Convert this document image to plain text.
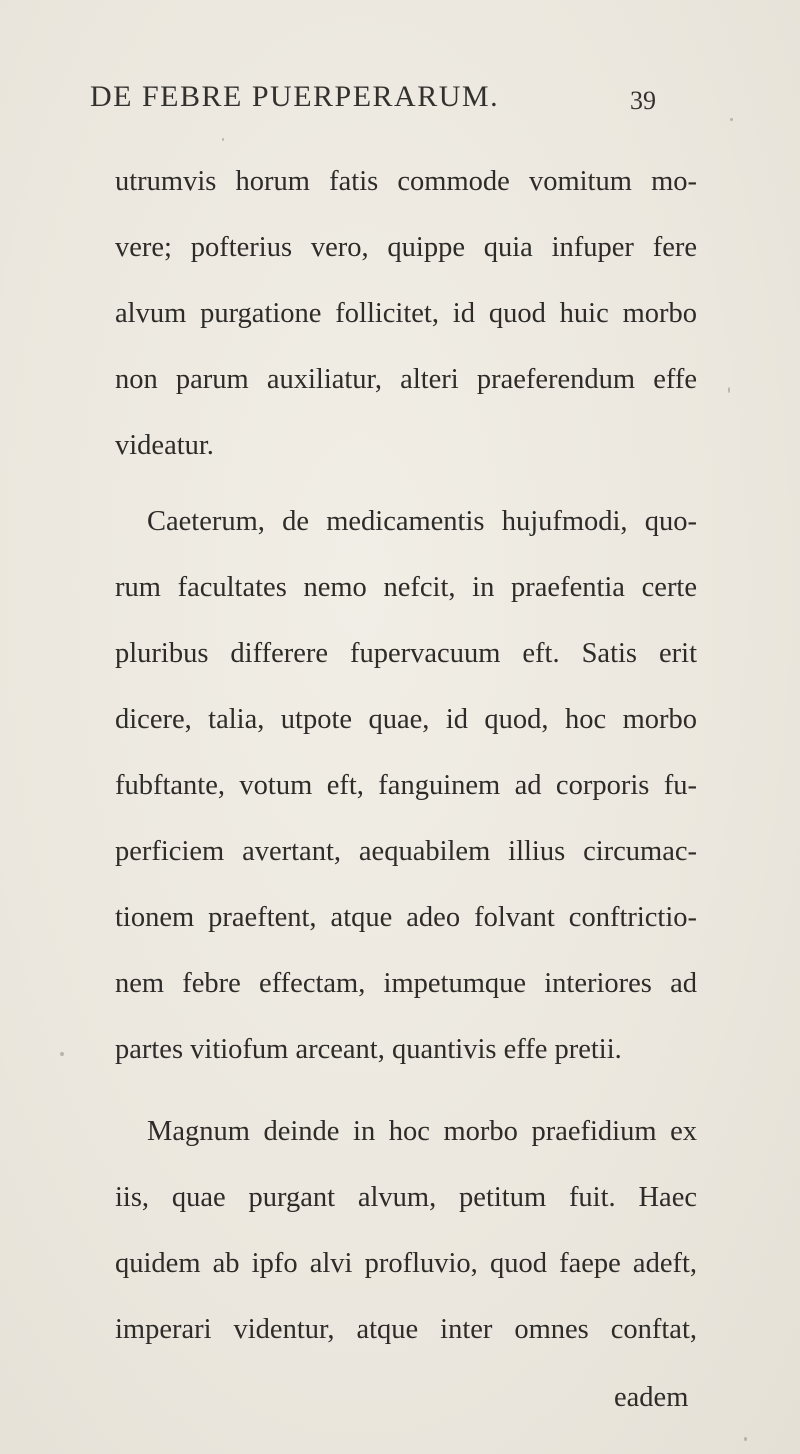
DE FEBRE PUERPERARUM.	39
utrumvis horum fatis commode vomitum mo-
vere; pofterius vero, quippe quia infuper fere
alvum purgatione follicitet, id quod huic morbo
non parum auxiliatur, alteri praeferendum effe
videatur.
Caeterum, de medicamentis hujufmodi, quo-
rum facultates nemo nefcit, in praefentia certe
pluribus differere fupervacuum eft. Satis erit
dicere, talia, utpote quae, id quod, hoc morbo
fubftante, votum eft, fanguinem ad corporis fu-
perficiem avertant, aequabilem illius circumac-
tionem praeftent, atque adeo folvant conftrictio-
nem febre effectam, impetumque interiores ad
partes vitiofum arceant, quantivis effe pretii.
Magnum deinde in hoc morbo praefidium ex
iis, quae purgant alvum, petitum fuit. Haec
quidem ab ipfo alvi profluvio, quod faepe adeft,
imperari videntur, atque inter omnes conftat,
eadem
